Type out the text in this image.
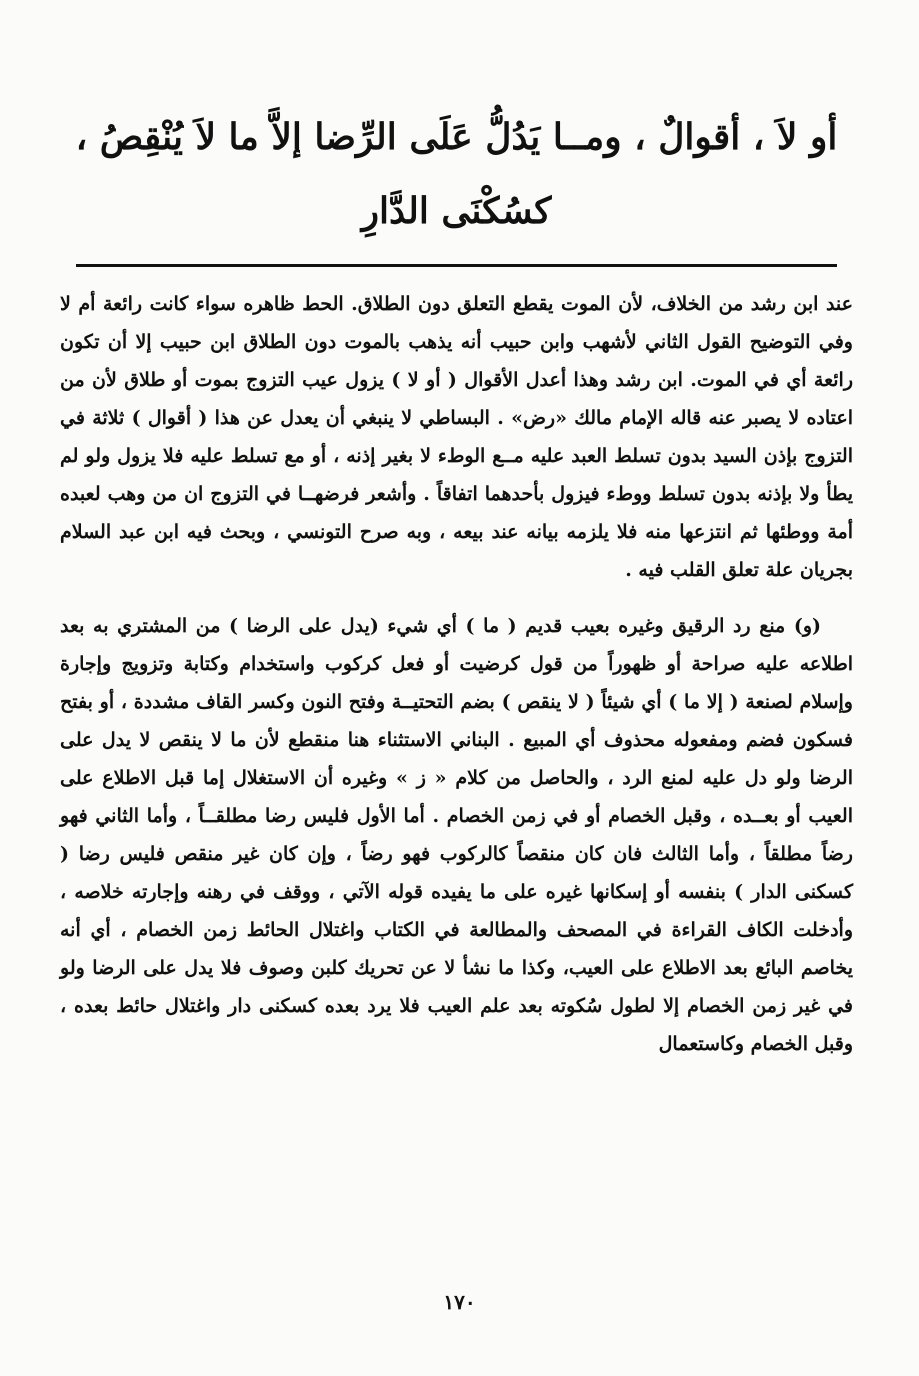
أو لاَ ، أقوالٌ ، ومــا يَدُلُّ عَلَى الرِّضا إلاَّ ما لاَ يُنْقِصُ ،
كسُكْنَى الدَّارِ

عند ابن رشد من الخلاف، لأن الموت يقطع التعلق دون الطلاق. الحط ظاهره سواء كانت رائعة أم لا وفي التوضيح القول الثاني لأشهب وابن حبيب أنه يذهب بالموت دون الطلاق ابن حبيب إلا أن تكون رائعة أي في الموت. ابن رشد وهذا أعدل الأقوال ( أو لا ) يزول عيب التزوج بموت أو طلاق لأن من اعتاده لا يصبر عنه قاله الإمام مالك «رض» . البساطي لا ينبغي أن يعدل عن هذا ( أقوال ) ثلاثة في التزوج بإذن السيد بدون تسلط العبد عليه مــع الوطء لا بغير إذنه ، أو مع تسلط عليه فلا يزول ولو لم يطأ ولا بإذنه بدون تسلط ووطء فيزول بأحدهما اتفاقاً . وأشعر فرضهــا في التزوج ان من وهب لعبده أمة ووطئها ثم انتزعها منه فلا يلزمه بيانه عند بيعه ، وبه صرح التونسي ، وبحث فيه ابن عبد السلام بجريان علة تعلق القلب فيه .

(و) منع رد الرقيق وغيره بعيب قديم ( ما ) أي شيء (يدل على الرضا ) من المشتري به بعد اطلاعه عليه صراحة أو ظهوراً من قول كرضيت أو فعل كركوب واستخدام وكتابة وتزويج وإجارة وإسلام لصنعة ( إلا ما ) أي شيئاً ( لا ينقص ) بضم التحتيــة وفتح النون وكسر القاف مشددة ، أو بفتح فسكون فضم ومفعوله محذوف أي المبيع . البناني الاستثناء هنا منقطع لأن ما لا ينقص لا يدل على الرضا ولو دل عليه لمنع الرد ، والحاصل من كلام « ز » وغيره أن الاستغلال إما قبل الاطلاع على العيب أو بعــده ، وقبل الخصام أو في زمن الخصام . أما الأول فليس رضا مطلقــاً ، وأما الثاني فهو رضاً مطلقاً ، وأما الثالث فان كان منقصاً كالركوب فهو رضاً ، وإن كان غير منقص فليس رضا ( كسكنى الدار ) بنفسه أو إسكانها غيره على ما يفيده قوله الآتي ، ووقف في رهنه وإجارته خلاصه ، وأدخلت الكاف القراءة في المصحف والمطالعة في الكتاب واغتلال الحائط زمن الخصام ، أي أنه يخاصم البائع بعد الاطلاع على العيب، وكذا ما نشأ لا عن تحريك كلبن وصوف فلا يدل على الرضا ولو في غير زمن الخصام إلا لطول سُكوته بعد علم العيب فلا يرد بعده كسكنى دار واغتلال حائط بعده ، وقبل الخصام وكاستعمال

١٧٠
